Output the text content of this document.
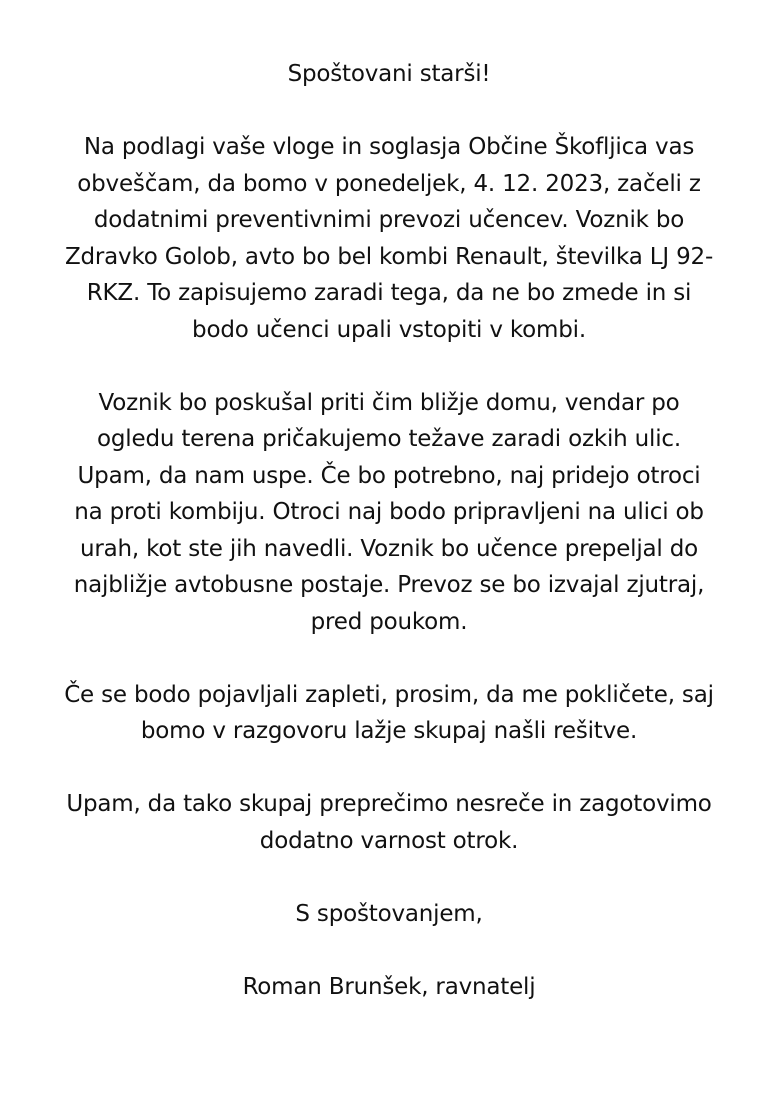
Spoštovani starši!

Na podlagi vaše vloge in soglasja Občine Škofljica vas
obveščam, da bomo v ponedeljek, 4. 12. 2023, začeli z
dodatnimi preventivnimi prevozi učencev. Voznik bo
Zdravko Golob, avto bo bel kombi Renault, številka LJ 92-
RKZ. To zapisujemo zaradi tega, da ne bo zmede in si
bodo učenci upali vstopiti v kombi.

Voznik bo poskušal priti čim bližje domu, vendar po
ogledu terena pričakujemo težave zaradi ozkih ulic.
Upam, da nam uspe. Če bo potrebno, naj pridejo otroci
na proti kombiju. Otroci naj bodo pripravljeni na ulici ob
urah, kot ste jih navedli. Voznik bo učence prepeljal do
najbližje avtobusne postaje. Prevoz se bo izvajal zjutraj,
pred poukom.

Če se bodo pojavljali zapleti, prosim, da me pokličete, saj
bomo v razgovoru lažje skupaj našli rešitve.

Upam, da tako skupaj preprečimo nesreče in zagotovimo
dodatno varnost otrok.

S spoštovanjem,

Roman Brunšek, ravnatelj
